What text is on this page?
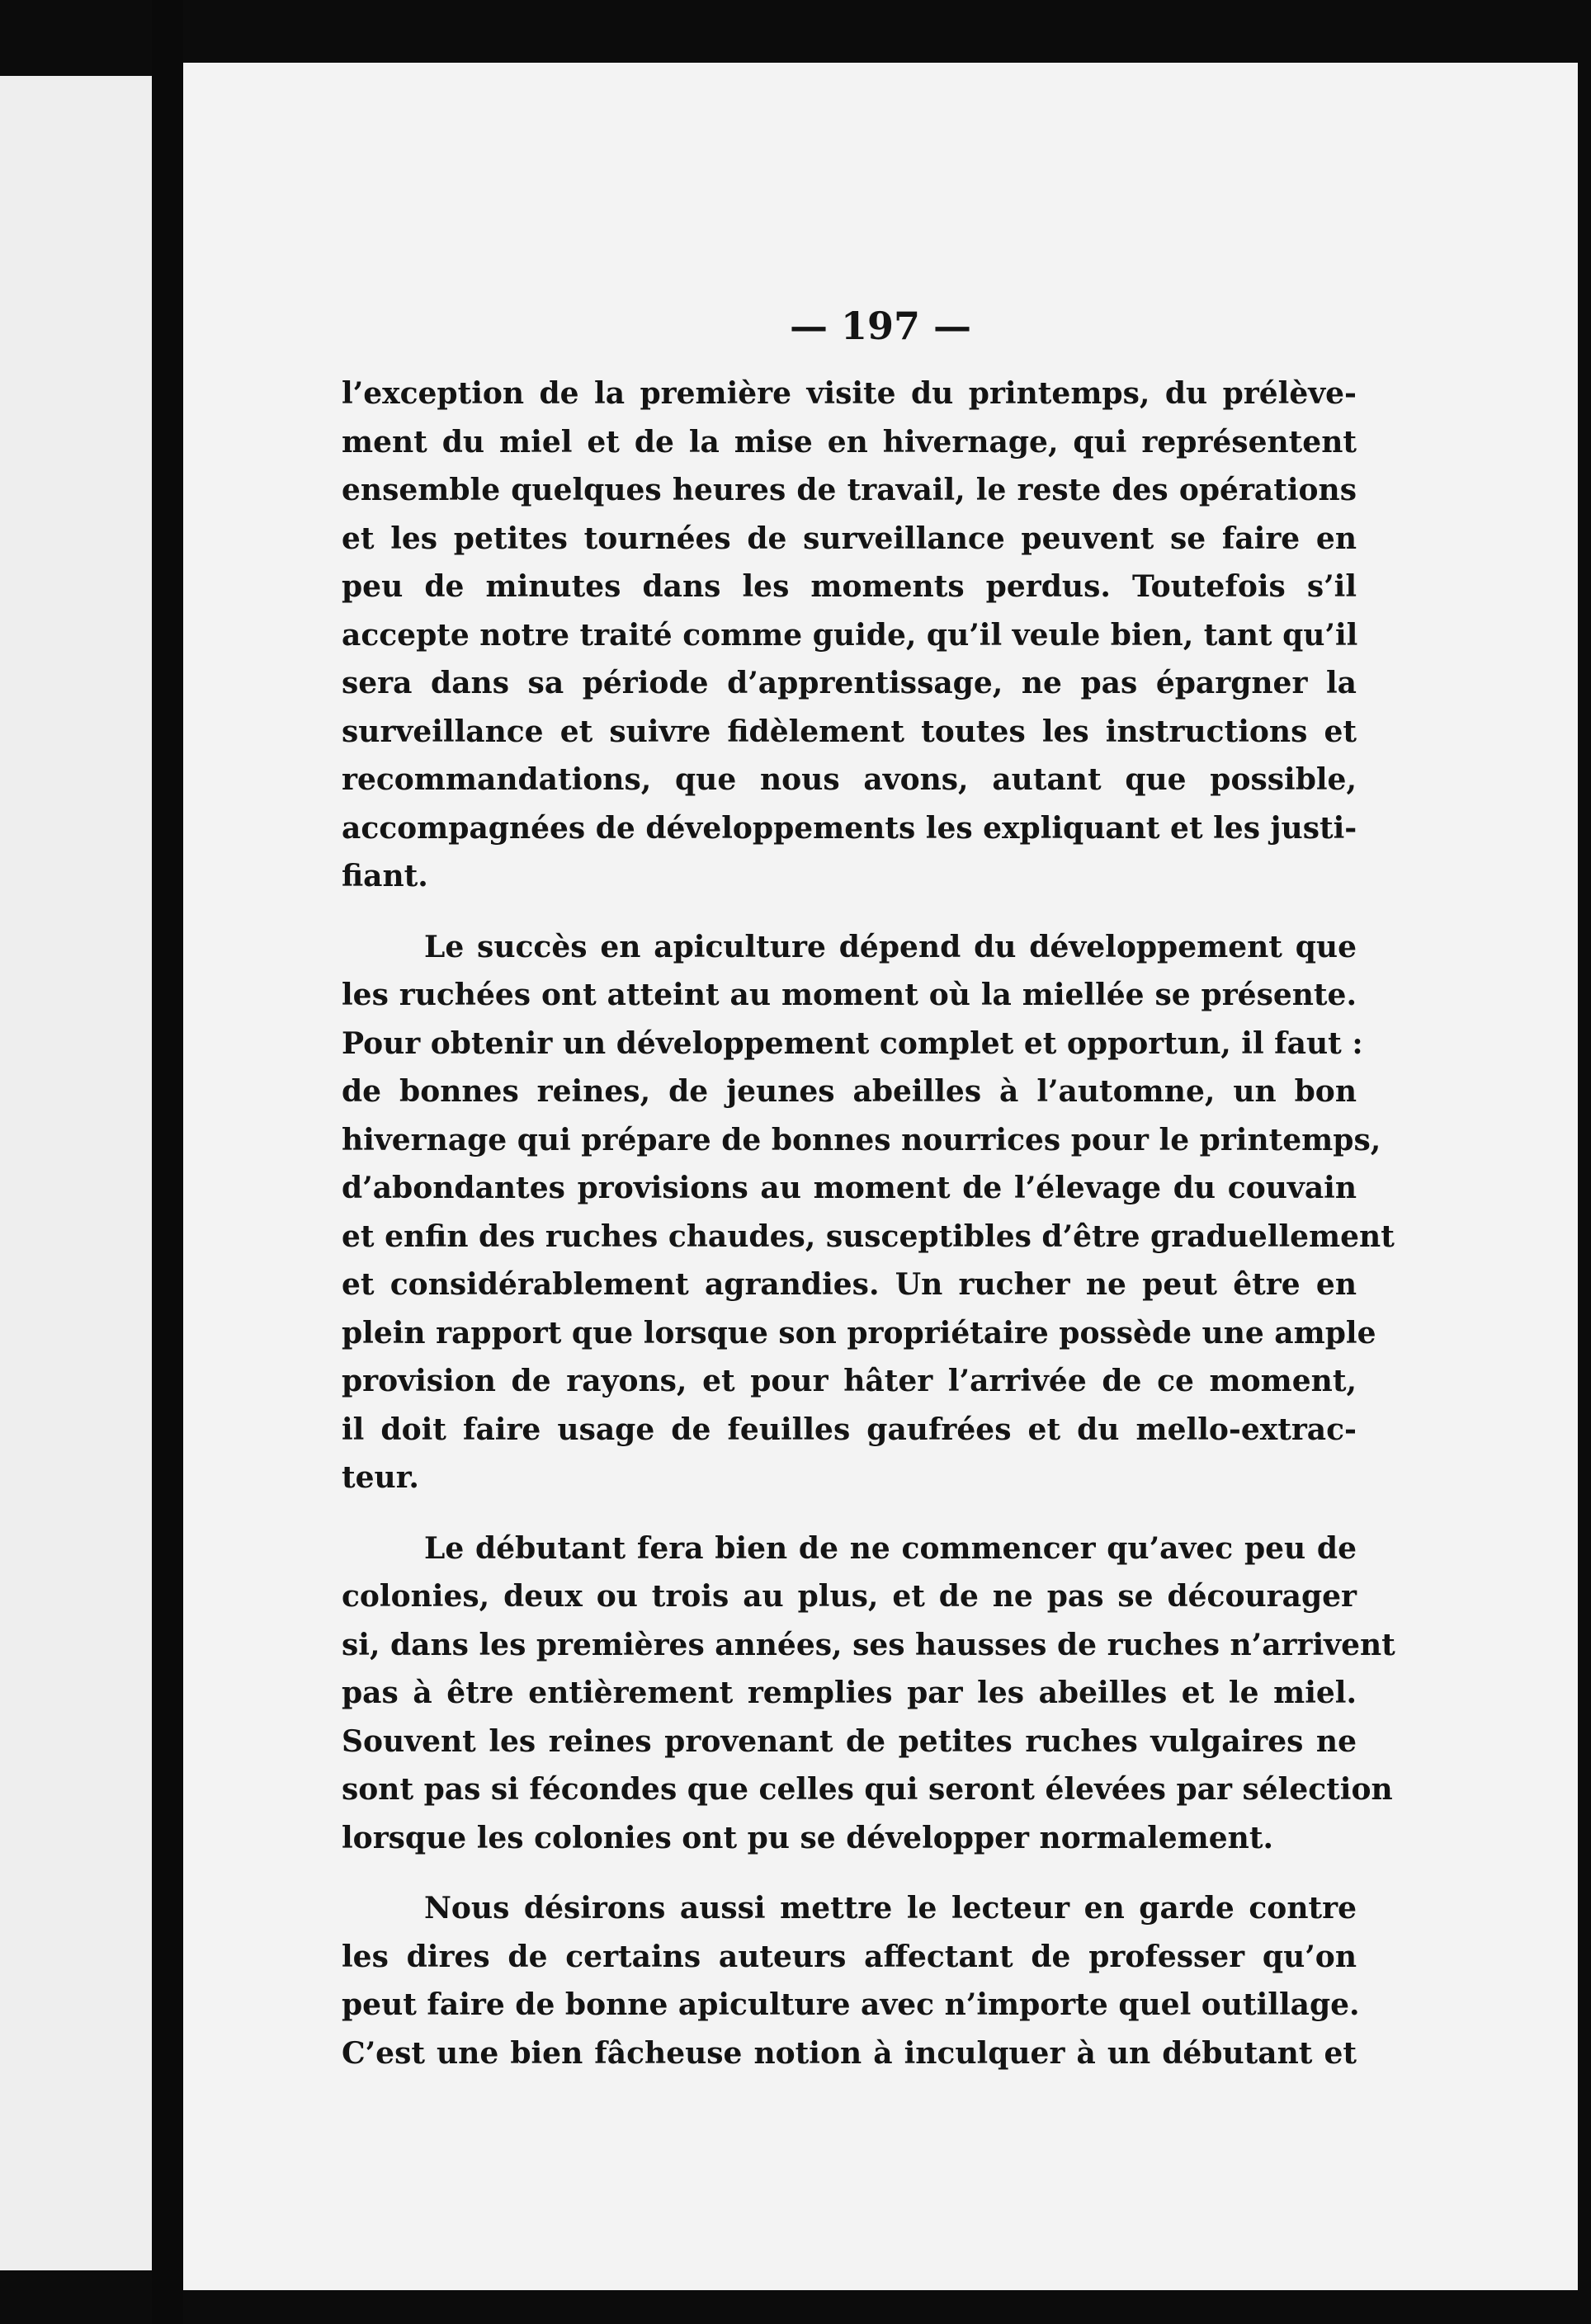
— 197 —
l’exception de la première visite du printemps, du prélève-
ment du miel et de la mise en hivernage, qui représentent
ensemble quelques heures de travail, le reste des opérations
et les petites tournées de surveillance peuvent se faire en
peu de minutes dans les moments perdus. Toutefois s’il
accepte notre traité comme guide, qu’il veule bien, tant qu’il
sera dans sa période d’apprentissage, ne pas épargner la
surveillance et suivre fidèlement toutes les instructions et
recommandations, que nous avons, autant que possible,
accompagnées de développements les expliquant et les justi-
fiant.
Le succès en apiculture dépend du développement que
les ruchées ont atteint au moment où la miellée se présente.
Pour obtenir un développement complet et opportun, il faut :
de bonnes reines, de jeunes abeilles à l’automne, un bon
hivernage qui prépare de bonnes nourrices pour le printemps,
d’abondantes provisions au moment de l’élevage du couvain
et enfin des ruches chaudes, susceptibles d’être graduellement
et considérablement agrandies. Un rucher ne peut être en
plein rapport que lorsque son propriétaire possède une ample
provision de rayons, et pour hâter l’arrivée de ce moment,
il doit faire usage de feuilles gaufrées et du mello-extrac-
teur.
Le débutant fera bien de ne commencer qu’avec peu de
colonies, deux ou trois au plus, et de ne pas se décourager
si, dans les premières années, ses hausses de ruches n’arrivent
pas à être entièrement remplies par les abeilles et le miel.
Souvent les reines provenant de petites ruches vulgaires ne
sont pas si fécondes que celles qui seront élevées par sélection
lorsque les colonies ont pu se développer normalement.
Nous désirons aussi mettre le lecteur en garde contre
les dires de certains auteurs affectant de professer qu’on
peut faire de bonne apiculture avec n’importe quel outillage.
C’est une bien fâcheuse notion à inculquer à un débutant et
